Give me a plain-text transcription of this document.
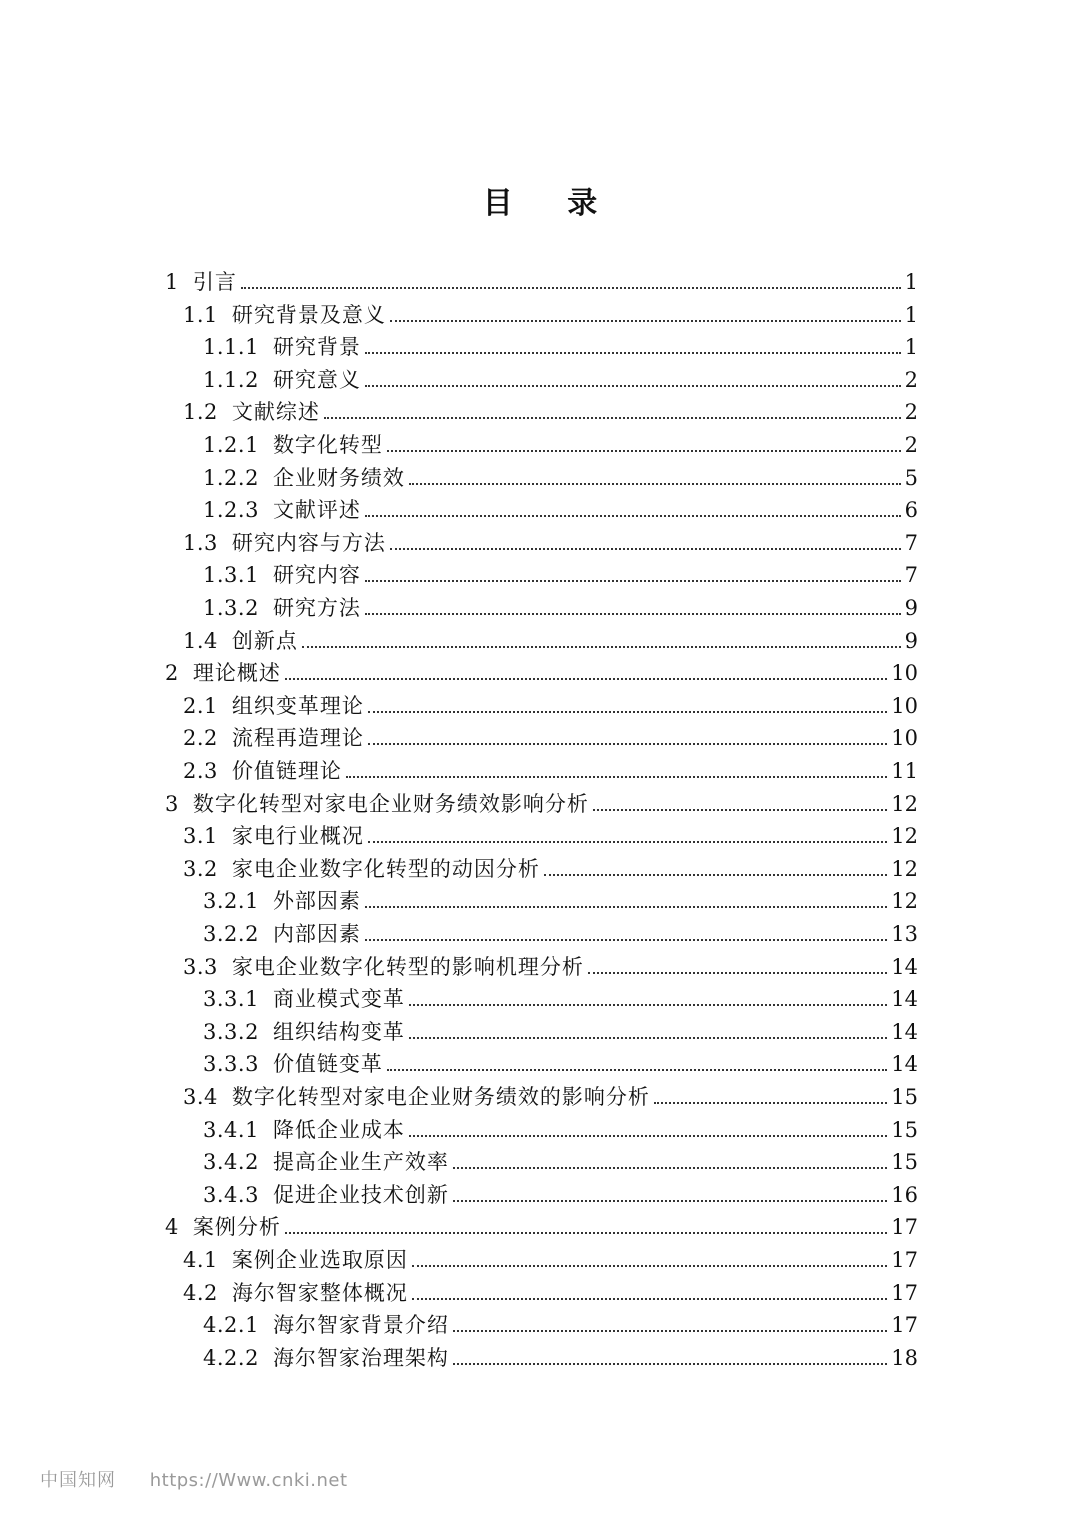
目 录
1 引言	1
1.1 研究背景及意义	1
1.1.1 研究背景	1
1.1.2 研究意义	2
1.2 文献综述	2
1.2.1 数字化转型	2
1.2.2 企业财务绩效	5
1.2.3 文献评述	6
1.3 研究内容与方法	7
1.3.1 研究内容	7
1.3.2 研究方法	9
1.4 创新点	9
2 理论概述	10
2.1 组织变革理论	10
2.2 流程再造理论	10
2.3 价值链理论	11
3 数字化转型对家电企业财务绩效影响分析	12
3.1 家电行业概况	12
3.2 家电企业数字化转型的动因分析	12
3.2.1 外部因素	12
3.2.2 内部因素	13
3.3 家电企业数字化转型的影响机理分析	14
3.3.1 商业模式变革	14
3.3.2 组织结构变革	14
3.3.3 价值链变革	14
3.4 数字化转型对家电企业财务绩效的影响分析	15
3.4.1 降低企业成本	15
3.4.2 提高企业生产效率	15
3.4.3 促进企业技术创新	16
4 案例分析	17
4.1 案例企业选取原因	17
4.2 海尔智家整体概况	17
4.2.1 海尔智家背景介绍	17
4.2.2 海尔智家治理架构	18
中国知网 https://Www.cnki.net
